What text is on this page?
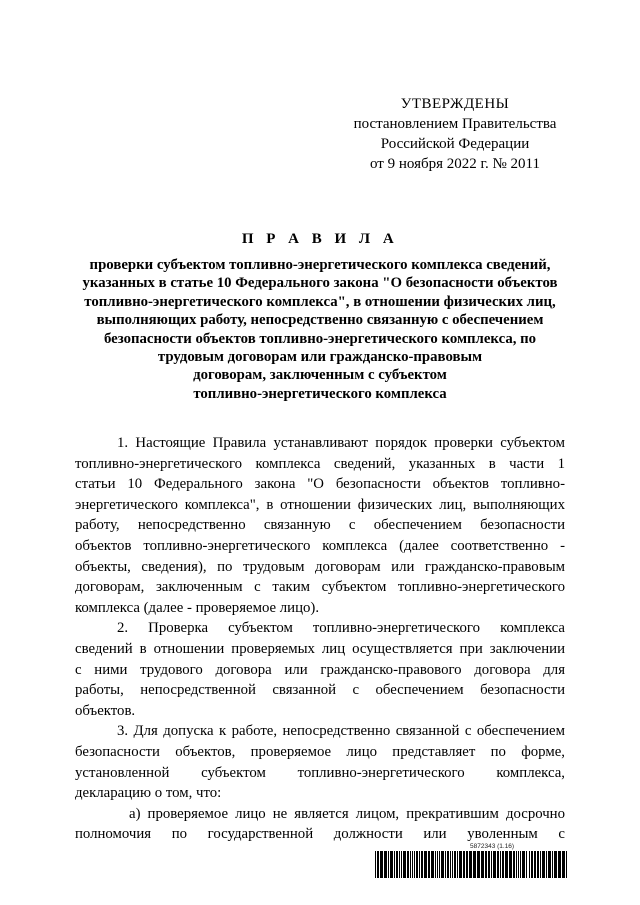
УТВЕРЖДЕНЫ
постановлением Правительства
Российской Федерации
от 9 ноября 2022 г. № 2011
П Р А В И Л А
проверки субъектом топливно-энергетического комплекса сведений,
указанных в статье 10 Федерального закона "О безопасности объектов
топливно-энергетического комплекса", в отношении физических лиц,
выполняющих работу, непосредственно связанную с обеспечением
безопасности объектов топливно-энергетического комплекса, по
трудовым договорам или гражданско-правовым
договорам, заключенным с субъектом
топливно-энергетического комплекса
1. Настоящие Правила устанавливают порядок проверки субъектом
топливно-энергетического комплекса сведений, указанных в части 1
статьи 10 Федерального закона "О безопасности объектов топливно-
энергетического комплекса", в отношении физических лиц, выполняющих
работу, непосредственно связанную с обеспечением безопасности
объектов топливно-энергетического комплекса (далее соответственно -
объекты, сведения), по трудовым договорам или гражданско-правовым
договорам, заключенным с таким субъектом топливно-энергетического
комплекса (далее - проверяемое лицо).
2. Проверка субъектом топливно-энергетического комплекса
сведений в отношении проверяемых лиц осуществляется при заключении
с ними трудового договора или гражданско-правового договора для
работы, непосредственной связанной с обеспечением безопасности
объектов.
3. Для допуска к работе, непосредственно связанной с обеспечением
безопасности объектов, проверяемое лицо представляет по форме,
установленной субъектом топливно-энергетического комплекса,
декларацию о том, что:
а) проверяемое лицо не является лицом, прекратившим досрочно
полномочия по государственной должности или уволенным с
5872343 (1.16)
